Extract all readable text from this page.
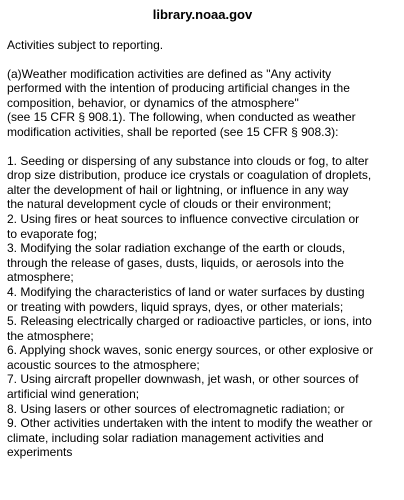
library.noaa.gov

Activities subject to reporting.

(a)Weather modification activities are defined as "Any activity
performed with the intention of producing artificial changes in the
composition, behavior, or dynamics of the atmosphere"
(see 15 CFR § 908.1). The following, when conducted as weather
modification activities, shall be reported (see 15 CFR § 908.3):

1. Seeding or dispersing of any substance into clouds or fog, to alter
drop size distribution, produce ice crystals or coagulation of droplets,
alter the development of hail or lightning, or influence in any way
the natural development cycle of clouds or their environment;
2. Using fires or heat sources to influence convective circulation or
to evaporate fog;
3. Modifying the solar radiation exchange of the earth or clouds,
through the release of gases, dusts, liquids, or aerosols into the
atmosphere;
4. Modifying the characteristics of land or water surfaces by dusting
or treating with powders, liquid sprays, dyes, or other materials;
5. Releasing electrically charged or radioactive particles, or ions, into
the atmosphere;
6. Applying shock waves, sonic energy sources, or other explosive or
acoustic sources to the atmosphere;
7. Using aircraft propeller downwash, jet wash, or other sources of
artificial wind generation;
8. Using lasers or other sources of electromagnetic radiation; or
9. Other activities undertaken with the intent to modify the weather or
climate, including solar radiation management activities and
experiments
